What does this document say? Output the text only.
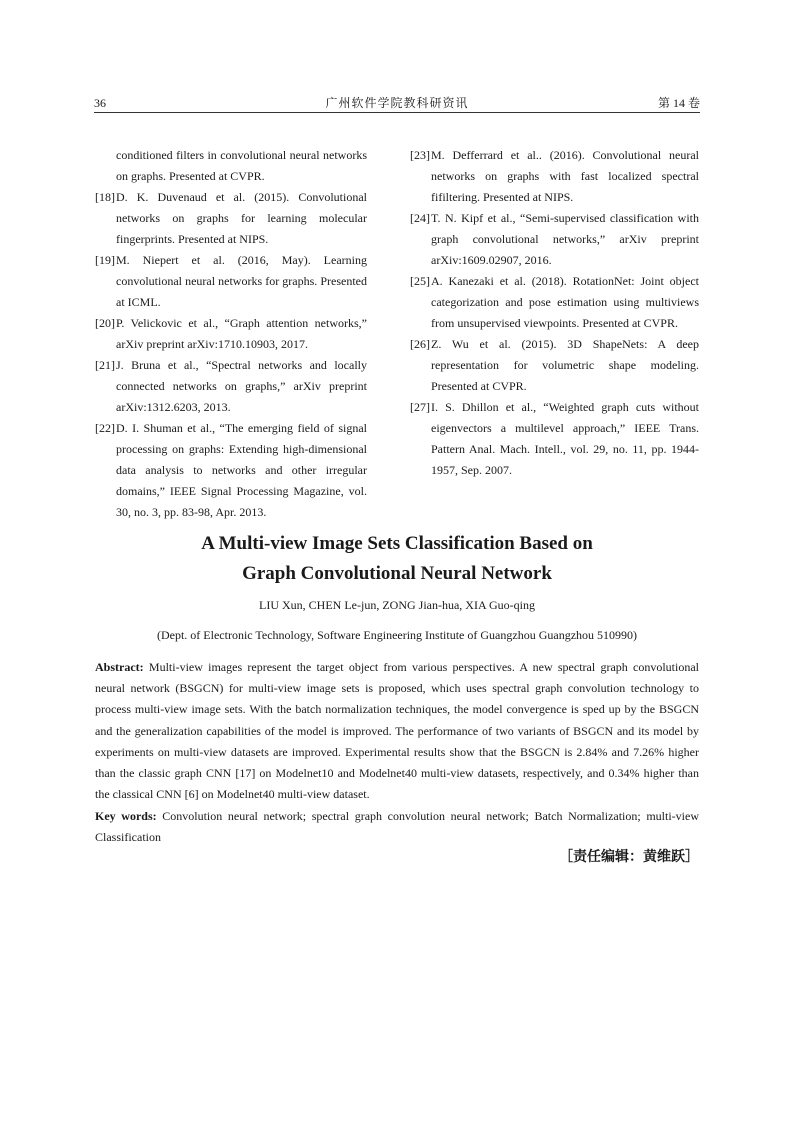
36	广州软件学院教科研资讯	第 14 卷
conditioned filters in convolutional neural networks on graphs. Presented at CVPR.
[18] D. K. Duvenaud et al. (2015). Convolutional networks on graphs for learning molecular fingerprints. Presented at NIPS.
[19] M. Niepert et al. (2016, May). Learning convolutional neural networks for graphs. Presented at ICML.
[20] P. Velickovic et al., “Graph attention networks,” arXiv preprint arXiv:1710.10903, 2017.
[21] J. Bruna et al., “Spectral networks and locally connected networks on graphs,” arXiv preprint arXiv:1312.6203, 2013.
[22] D. I. Shuman et al., “The emerging field of signal processing on graphs: Extending high-dimensional data analysis to networks and other irregular domains,” IEEE Signal Processing Magazine, vol. 30, no. 3, pp. 83-98, Apr. 2013.
[23] M. Defferrard et al.. (2016). Convolutional neural networks on graphs with fast localized spectral fifiltering. Presented at NIPS.
[24] T. N. Kipf et al., “Semi-supervised classification with graph convolutional networks,” arXiv preprint arXiv:1609.02907, 2016.
[25] A. Kanezaki et al. (2018). RotationNet: Joint object categorization and pose estimation using multiviews from unsupervised viewpoints. Presented at CVPR.
[26] Z. Wu et al. (2015). 3D ShapeNets: A deep representation for volumetric shape modeling. Presented at CVPR.
[27] I. S. Dhillon et al., “Weighted graph cuts without eigenvectors a multilevel approach,” IEEE Trans. Pattern Anal. Mach. Intell., vol. 29, no. 11, pp. 1944-1957, Sep. 2007.
A Multi-view Image Sets Classification Based on
Graph Convolutional Neural Network
LIU Xun, CHEN Le-jun, ZONG Jian-hua, XIA Guo-qing
(Dept. of Electronic Technology, Software Engineering Institute of Guangzhou Guangzhou 510990)
Abstract: Multi-view images represent the target object from various perspectives. A new spectral graph convolutional neural network (BSGCN) for multi-view image sets is proposed, which uses spectral graph convolution technology to process multi-view image sets. With the batch normalization techniques, the model convergence is sped up by the BSGCN and the generalization capabilities of the model is improved. The performance of two variants of BSGCN and its model by experiments on multi-view datasets are improved. Experimental results show that the BSGCN is 2.84% and 7.26% higher than the classic graph CNN [17] on Modelnet10 and Modelnet40 multi-view datasets, respectively, and 0.34% higher than the classical CNN [6] on Modelnet40 multi-view dataset.
Key words: Convolution neural network; spectral graph convolution neural network; Batch Normalization; multi-view Classification
［责任编辑：黄维跃］
